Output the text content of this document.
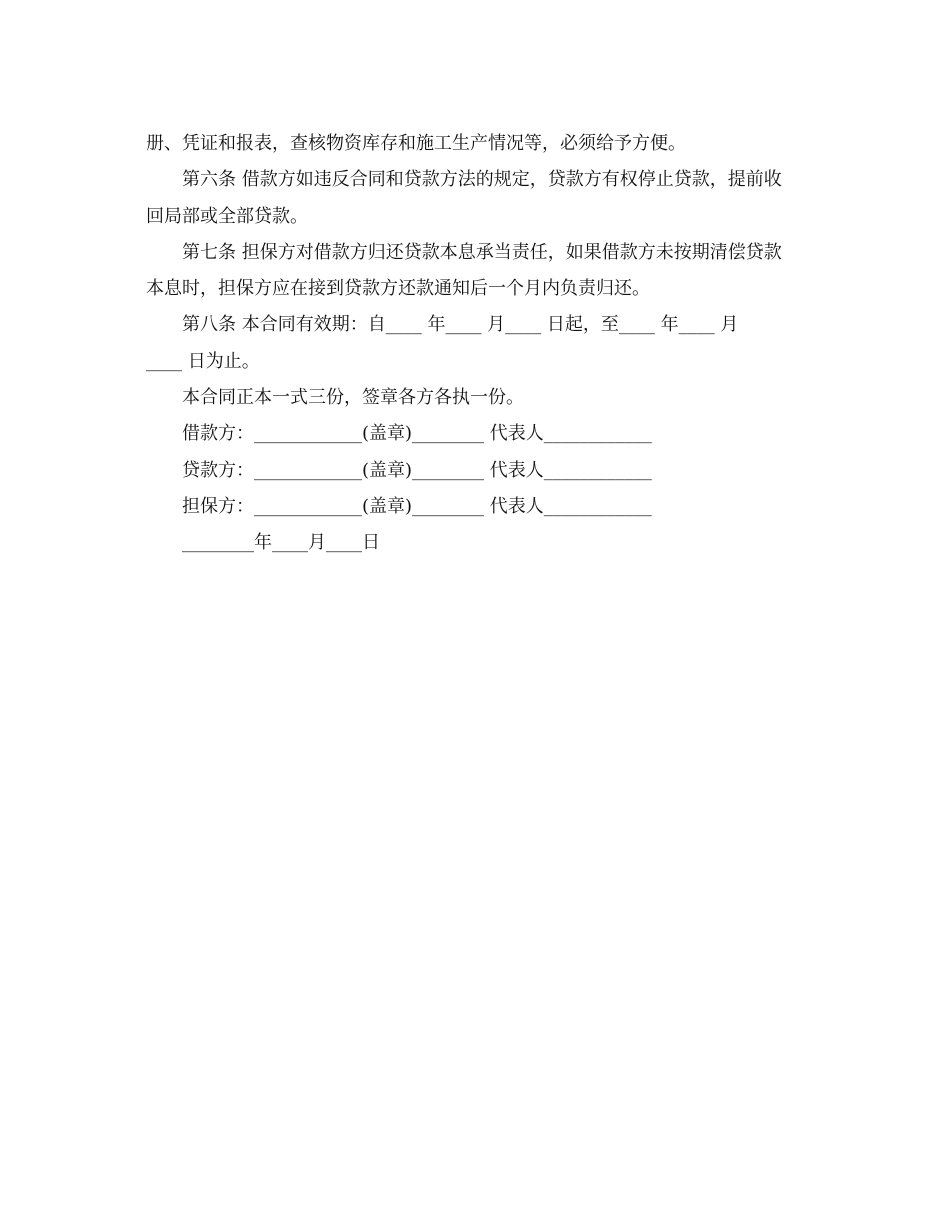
册、凭证和报表，查核物资库存和施工生产情况等，必须给予方便。
第六条 借款方如违反合同和贷款方法的规定，贷款方有权停止贷款，提前收
回局部或全部贷款。
第七条 担保方对借款方归还贷款本息承当责任，如果借款方未按期清偿贷款
本息时，担保方应在接到贷款方还款通知后一个月内负责归还。
第八条 本合同有效期：自____ 年____ 月____ 日起，至____ 年____ 月
____ 日为止。
本合同正本一式三份，签章各方各执一份。
借款方：____________(盖章)________ 代表人____________
贷款方：____________(盖章)________ 代表人____________
担保方：____________(盖章)________ 代表人____________
________年____月____日
